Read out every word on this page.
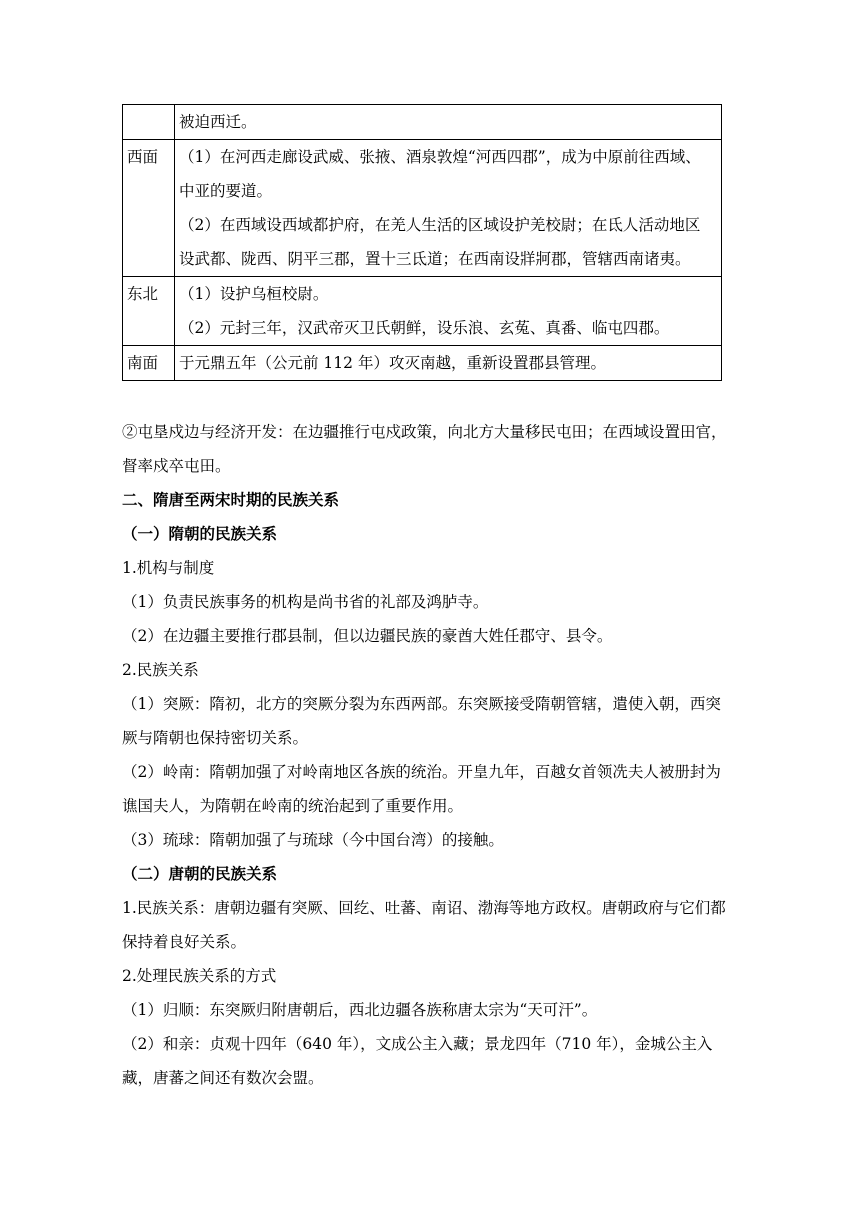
	被迫西迁。

西面	（1）在河西走廊设武威、张掖、酒泉敦煌“河西四郡”，成为中原前往西域、中亚的要道。

（2）在西域设西域都护府，在羌人生活的区域设护羌校尉；在氐人活动地区设武都、陇西、阴平三郡，置十三氐道；在西南设牂牁郡，管辖西南诸夷。

东北	（1）设护乌桓校尉。

（2）元封三年，汉武帝灭卫氏朝鲜，设乐浪、玄菟、真番、临屯四郡。

南面	于元鼎五年（公元前 112 年）攻灭南越，重新设置郡县管理。

②屯垦戍边与经济开发：在边疆推行屯戍政策，向北方大量移民屯田；在西域设置田官，督率戍卒屯田。

二、隋唐至两宋时期的民族关系

（一）隋朝的民族关系

1.机构与制度

（1）负责民族事务的机构是尚书省的礼部及鸿胪寺。

（2）在边疆主要推行郡县制，但以边疆民族的豪酋大姓任郡守、县令。

2.民族关系

（1）突厥：隋初，北方的突厥分裂为东西两部。东突厥接受隋朝管辖，遣使入朝，西突厥与隋朝也保持密切关系。

（2）岭南：隋朝加强了对岭南地区各族的统治。开皇九年，百越女首领冼夫人被册封为谯国夫人，为隋朝在岭南的统治起到了重要作用。

（3）琉球：隋朝加强了与琉球（今中国台湾）的接触。

（二）唐朝的民族关系

1.民族关系：唐朝边疆有突厥、回纥、吐蕃、南诏、渤海等地方政权。唐朝政府与它们都保持着良好关系。

2.处理民族关系的方式

（1）归顺：东突厥归附唐朝后，西北边疆各族称唐太宗为“天可汗”。

（2）和亲：贞观十四年（640 年），文成公主入藏；景龙四年（710 年），金城公主入藏，唐蕃之间还有数次会盟。
